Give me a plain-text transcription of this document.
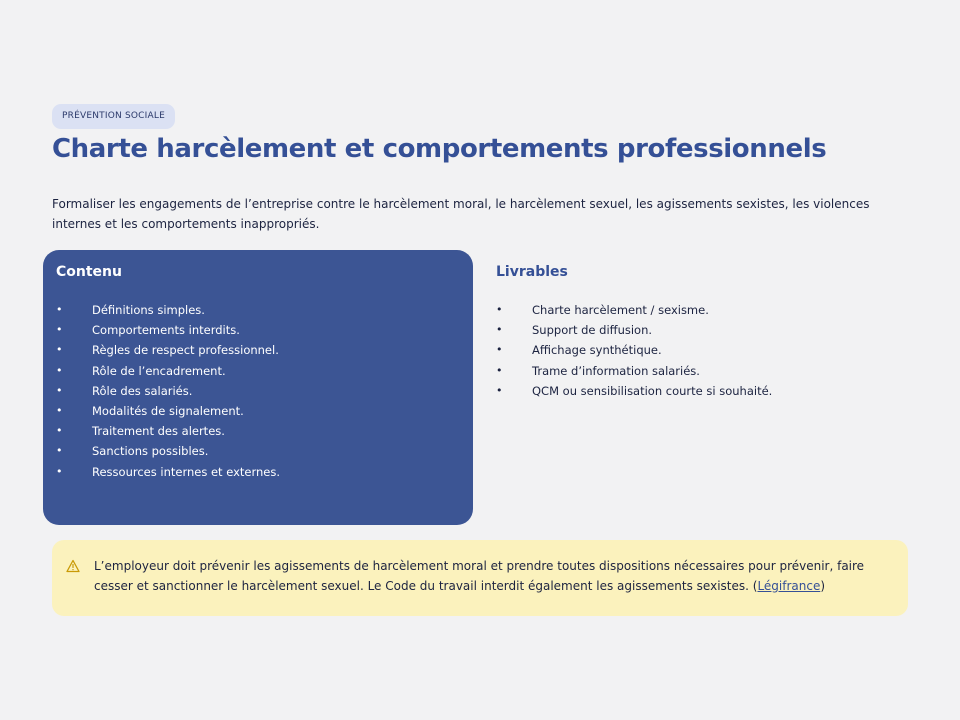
PRÉVENTION SOCIALE
Charte harcèlement et comportements professionnels

Formaliser les engagements de l’entreprise contre le harcèlement moral, le harcèlement sexuel, les agissements sexistes, les violences internes et les comportements inappropriés.

Contenu
•	Définitions simples.
•	Comportements interdits.
•	Règles de respect professionnel.
•	Rôle de l’encadrement.
•	Rôle des salariés.
•	Modalités de signalement.
•	Traitement des alertes.
•	Sanctions possibles.
•	Ressources internes et externes.
Livrables
•	Charte harcèlement / sexisme.
•	Support de diffusion.
•	Affichage synthétique.
•	Trame d’information salariés.
•	QCM ou sensibilisation courte si souhaité.

L’employeur doit prévenir les agissements de harcèlement moral et prendre toutes dispositions nécessaires pour prévenir, faire cesser et sanctionner le harcèlement sexuel. Le Code du travail interdit également les agissements sexistes. (Légifrance)
